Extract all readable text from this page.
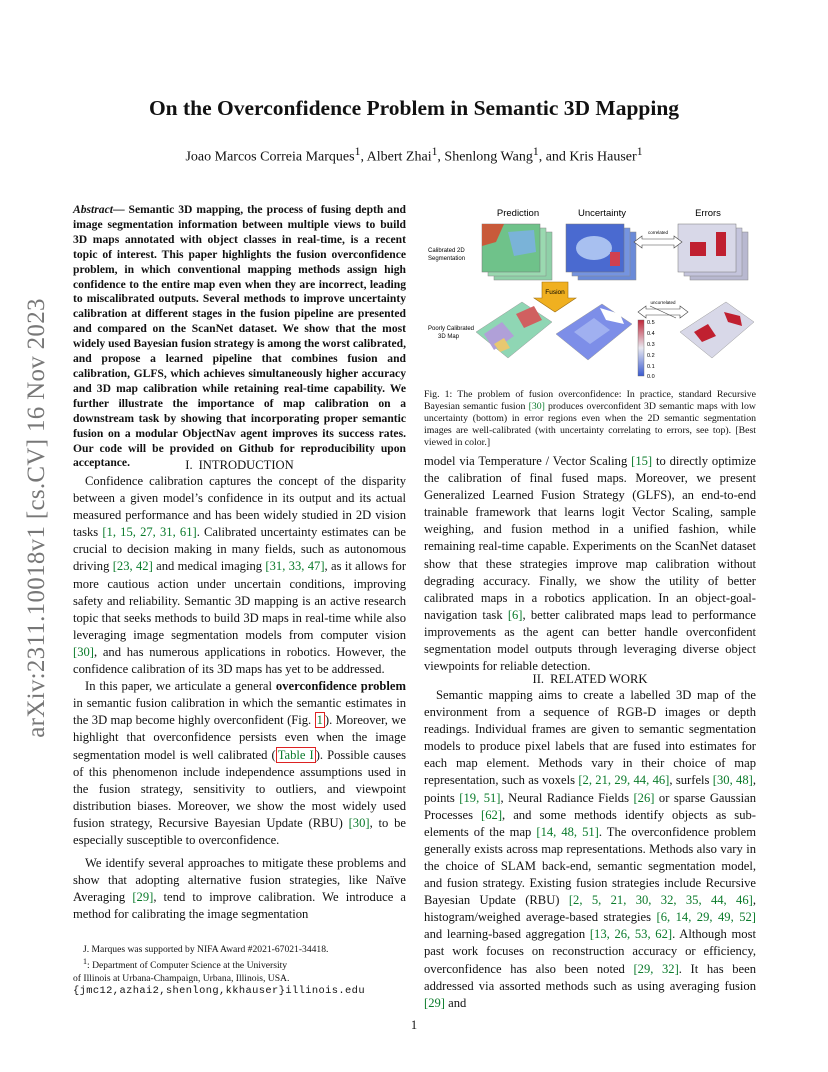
arXiv:2311.10018v1 [cs.CV] 16 Nov 2023
On the Overconfidence Problem in Semantic 3D Mapping
Joao Marcos Correia Marques$^1$, Albert Zhai$^1$, Shenlong Wang$^1$, and Kris Hauser$^1$
Abstract— Semantic 3D mapping, the process of fusing depth and image segmentation information between multiple views to build 3D maps annotated with object classes in real-time, is a recent topic of interest. This paper highlights the fusion overconfidence problem, in which conventional mapping methods assign high confidence to the entire map even when they are incorrect, leading to miscalibrated outputs. Several methods to improve uncertainty calibration at different stages in the fusion pipeline are presented and compared on the ScanNet dataset. We show that the most widely used Bayesian fusion strategy is among the worst calibrated, and propose a learned pipeline that combines fusion and calibration, GLFS, which achieves simultaneously higher accuracy and 3D map calibration while retaining real-time capability. We further illustrate the importance of map calibration on a downstream task by showing that incorporating proper semantic fusion on a modular ObjectNav agent improves its success rates. Our code will be provided on Github for reproducibility upon acceptance.	I. INTRODUCTION

Confidence calibration captures the concept of the disparity between a given model’s confidence in its output and its actual measured performance and has been widely studied in 2D vision tasks [1, 15, 27, 31, 61]. Calibrated uncertainty estimates can be crucial to decision making in many fields, such as autonomous driving [23, 42] and medical imaging [31, 33, 47], as it allows for more cautious action under uncertain conditions, improving safety and reliability. Semantic 3D mapping is an active research topic that seeks methods to build 3D maps in real-time while also leveraging image segmentation models from computer vision [30], and has numerous applications in robotics. However, the confidence calibration of its 3D maps has yet to be addressed.

In this paper, we articulate a general overconfidence problem in semantic fusion calibration in which the semantic estimates in the 3D map become highly overconfident (Fig. 1 ). Moreover, we highlight that overconfidence persists even when the image segmentation model is well calibrated ( Table I ). Possible causes of this phenomenon include independence assumptions used in the fusion strategy, sensitivity to outliers, and viewpoint distribution biases. Moreover, we show the most widely used fusion strategy, Recursive Bayesian Update (RBU) [30], to be especially susceptible to overconfidence.

We identify several approaches to mitigate these problems and show that adopting alternative fusion strategies, like Naïve Averaging [29], tend to improve calibration. We introduce a method for calibrating the image segmentation

J. Marques was supported by NIFA Award #2021-67021-34418.
$^1$: Department of Computer Science at the University
of Illinois at Urbana-Champaign, Urbana, Illinois, USA.
{jmc12,azhai2,shenlong,kkhauser}illinois.edu
Prediction	Uncertainty	Errors
Calibrated 2D
Segmentation
Poorly Calibrated
3D Map
correlated
Fusion
uncorrelated
0.5
0.4
0.3
0.2
0.1
0.0
Fig. 1: The problem of fusion overconfidence: In practice, standard Recursive Bayesian semantic fusion [30] produces overconfident 3D semantic maps with low uncertainty (bottom) in error regions even when the 2D semantic segmentation images are well-calibrated (with uncertainty correlating to errors, see top). [Best viewed in color.]

model via Temperature / Vector Scaling [15] to directly optimize the calibration of final fused maps. Moreover, we present Generalized Learned Fusion Strategy (GLFS), an end-to-end trainable framework that learns logit Vector Scaling, sample weighing, and fusion method in a unified fashion, while remaining real-time capable. Experiments on the ScanNet dataset show that these strategies improve map calibration without degrading accuracy. Finally, we show the utility of better calibrated maps in a robotics application. In an object-goal-navigation task [6], better calibrated maps lead to performance improvements as the agent can better handle overconfident segmentation model outputs through leveraging diverse object viewpoints for reliable detection.

II. RELATED WORK

Semantic mapping aims to create a labelled 3D map of the environment from a sequence of RGB-D images or depth readings. Individual frames are given to semantic segmentation models to produce pixel labels that are fused into estimates for each map element. Methods vary in their choice of map representation, such as voxels [2, 21, 29, 44, 46], surfels [30, 48], points [19, 51], Neural Radiance Fields [26] or sparse Gaussian Processes [62], and some methods identify objects as sub-elements of the map [14, 48, 51]. The overconfidence problem generally exists across map representations. Methods also vary in the choice of SLAM back-end, semantic segmentation model, and fusion strategy. Existing fusion strategies include Recursive Bayesian Update (RBU) [2, 5, 21, 30, 32, 35, 44, 46], histogram/weighed average-based strategies [6, 14, 29, 49, 52] and learning-based aggregation [13, 26, 53, 62]. Although most past work focuses on reconstruction accuracy or efficiency, overconfidence has also been noted [29, 32]. It has been addressed via assorted methods such as using averaging fusion [29] and

1
